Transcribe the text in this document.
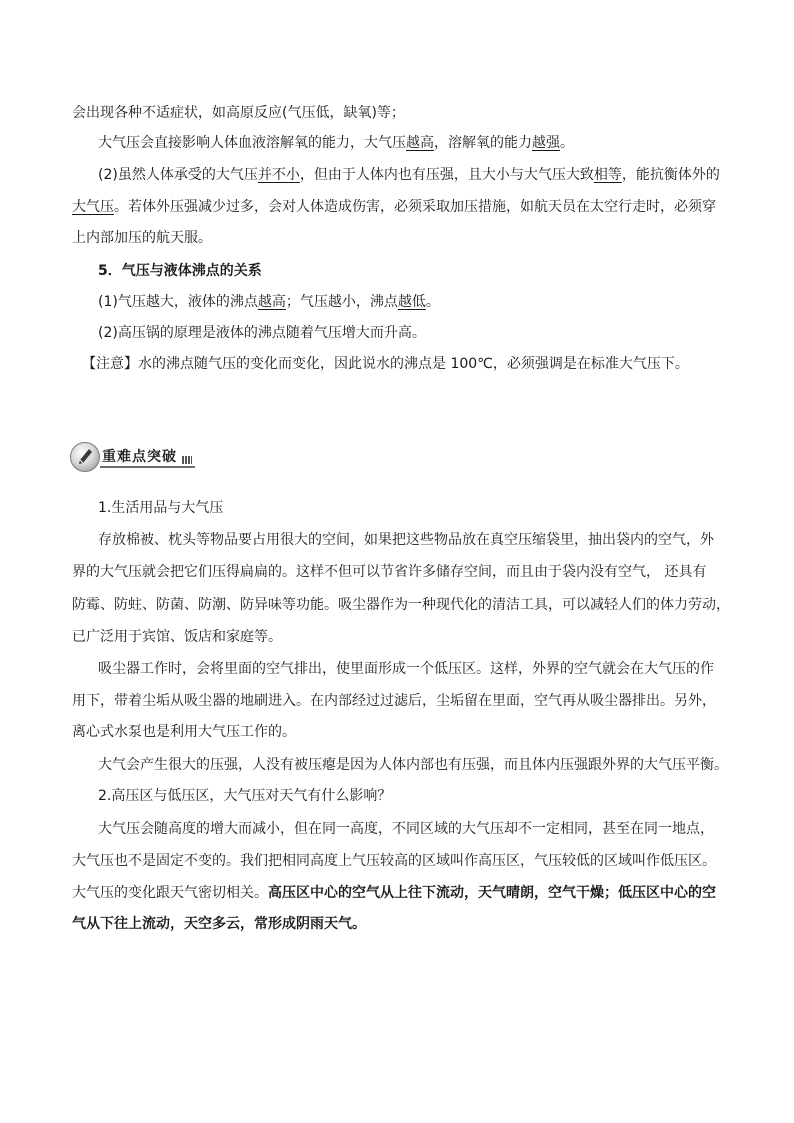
会出现各种不适症状，如高原反应(气压低，缺氧)等；
大气压会直接影响人体血液溶解氧的能力，大气压越高，溶解氧的能力越强。
(2)虽然人体承受的大气压并不小，但由于人体内也有压强，且大小与大气压大致相等，能抗衡体外的
大气压。若体外压强减少过多，会对人体造成伤害，必须采取加压措施，如航天员在太空行走时，必须穿
上内部加压的航天服。
5．气压与液体沸点的关系
(1)气压越大，液体的沸点越高；气压越小，沸点越低。
(2)高压锅的原理是液体的沸点随着气压增大而升高。
【注意】水的沸点随气压的变化而变化，因此说水的沸点是 100℃，必须强调是在标准大气压下。
重难点突破
1.生活用品与大气压
存放棉被、枕头等物品要占用很大的空间，如果把这些物品放在真空压缩袋里，抽出袋内的空气，外
界的大气压就会把它们压得扁扁的。这样不但可以节省许多储存空间，而且由于袋内没有空气， 还具有
防霉、防蛀、防菌、防潮、防异味等功能。吸尘器作为一种现代化的清洁工具，可以减轻人们的体力劳动，
已广泛用于宾馆、饭店和家庭等。
吸尘器工作时，会将里面的空气排出，使里面形成一个低压区。这样，外界的空气就会在大气压的作
用下，带着尘垢从吸尘器的地刷进入。在内部经过过滤后，尘垢留在里面，空气再从吸尘器排出。另外，
离心式水泵也是利用大气压工作的。
大气会产生很大的压强，人没有被压瘪是因为人体内部也有压强，而且体内压强跟外界的大气压平衡。
2.高压区与低压区，大气压对天气有什么影响？
大气压会随高度的增大而减小，但在同一高度，不同区域的大气压却不一定相同，甚至在同一地点，
大气压也不是固定不变的。我们把相同高度上气压较高的区域叫作高压区，气压较低的区域叫作低压区。
大气压的变化跟天气密切相关。高压区中心的空气从上往下流动，天气晴朗，空气干燥；低压区中心的空
气从下往上流动，天空多云，常形成阴雨天气。
